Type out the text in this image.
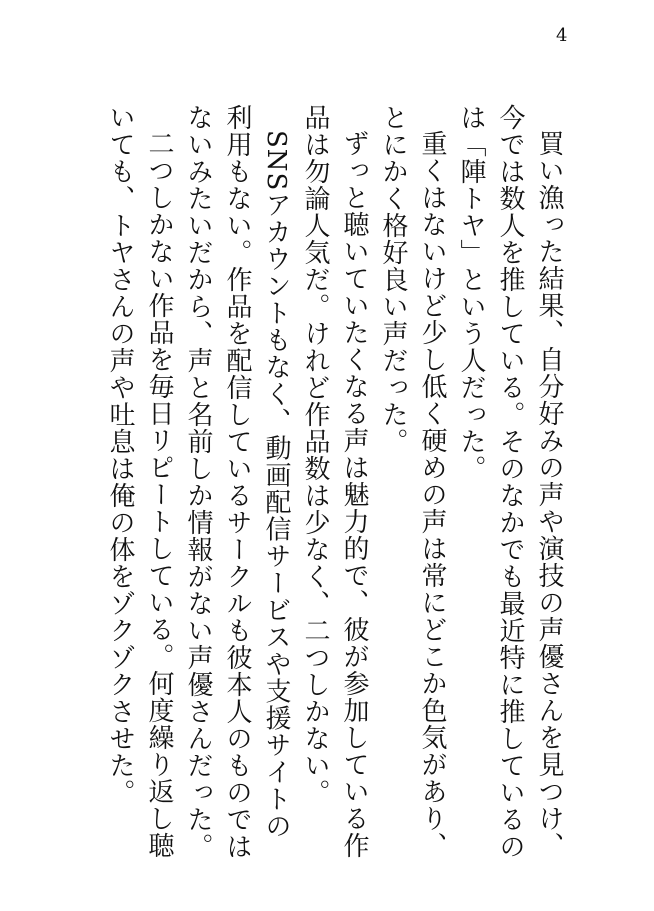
4

買い漁った結果、自分好みの声や演技の声優さんを見つけ、今では数人を推している。そのなかでも最近特に推しているのは「陣トヤ」という人だった。

重くはないけど少し低く硬めの声は常にどこか色気があり、とにかく格好良い声だった。

ずっと聴いていたくなる声は魅力的で、彼が参加している作品は勿論人気だ。けれど作品数は少なく、二つしかない。

SNSアカウントもなく、動画配信サービスや支援サイトの利用もない。作品を配信しているサークルも彼本人のものではないみたいだから、声と名前しか情報がない声優さんだった。

二つしかない作品を毎日リピートしている。何度繰り返し聴いても、トヤさんの声や吐息は俺の体をゾクゾクさせた。
